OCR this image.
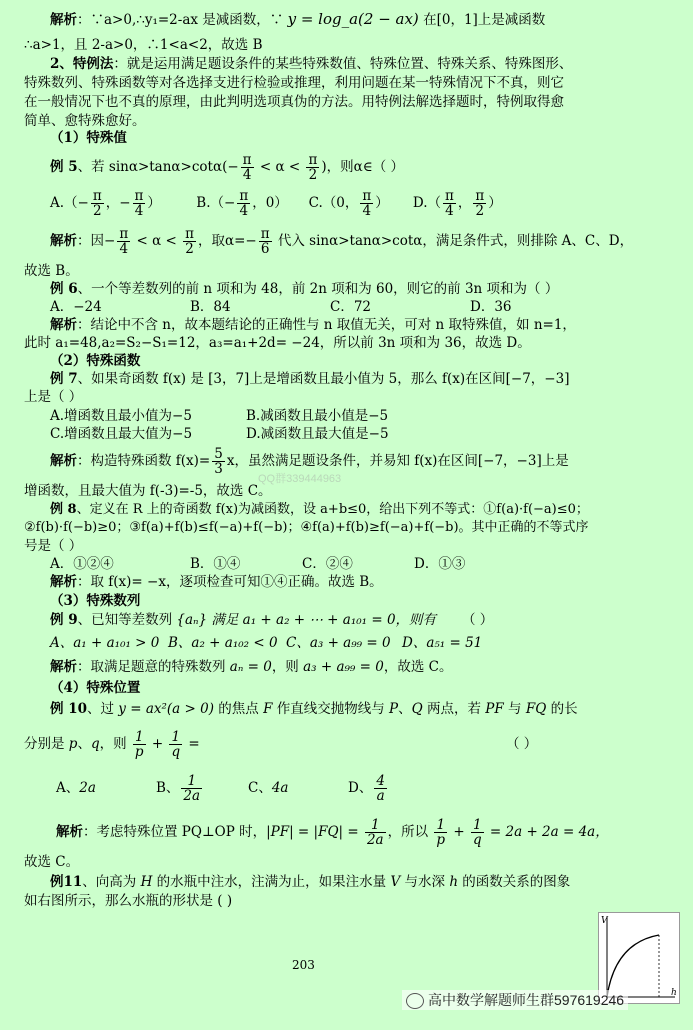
解析：∵a>0,∴y₁=2-ax 是减函数，∵ y = log_a(2 − ax) 在[0，1]上是减函数
∴a>1，且 2-a>0，∴1<a<2，故选 B
2、特例法：就是运用满足题设条件的某些特殊数值、特殊位置、特殊关系、特殊图形、
特殊数列、特殊函数等对各选择支进行检验或推理，利用问题在某一特殊情况下不真，则它
在一般情况下也不真的原理，由此判明选项真伪的方法。用特例法解选择题时，特例取得愈
简单、愈特殊愈好。
（1）特殊值
例 5、若 $\sin\alpha>\tan\alpha>\cot\alpha(- \frac{\pi}{4} < \alpha < \frac{\pi}{2}$ )，则α∈（ ）
$A.(- \frac{\pi}{2}$ ，− $\frac{\pi}{4}$ ）	$B.(- \frac{\pi}{4}$ ，0） C.（0， $\frac{\pi}{4}$ ） $D.( \frac{\pi}{4}$ ， $\frac{\pi}{2}$ ）
解析：因− $\frac{\pi}{4} < \alpha < \frac{\pi}{2}$ ，取$\alpha=- \frac{\pi}{6}$ 代入 sinα>tanα>cotα，满足条件式，则排除 A、C、D，
故选 B。
例 6、一个等差数列的前 n 项和为 48，前 2n 项和为 60，则它的前 3n 项和为（ ）
A．−24	B．84	C．72	D．36
解析：结论中不含 n，故本题结论的正确性与 n 取值无关，可对 n 取特殊值，如 n=1，
此时 a₁=48,a₂=S₂−S₁=12，a₃=a₁+2d= −24，所以前 3n 项和为 36，故选 D。
（2）特殊函数
例 7、如果奇函数 f(x) 是 [3，7]上是增函数且最小值为 5，那么 f(x)在区间[−7，−3]
上是（ ）
A.增函数且最小值为−5	B.减函数且最小值是−5
C.增函数且最大值为−5	D.减函数且最大值是−5
解析：构造特殊函数 $f(x)= \frac{5}{3}$ x，虽然满足题设条件，并易知 f(x)在区间[−7，−3]上是
增函数，且最大值为 f(-3)=-5，故选 C。
QQ群339444963
例 8、定义在 R 上的奇函数 f(x)为减函数，设 a+b≤0，给出下列不等式：①f(a)·f(−a)≤0；
②f(b)·f(−b)≥0；③f(a)+f(b)≤f(−a)+f(−b)；④f(a)+f(b)≥f(−a)+f(−b)。其中正确的不等式序
号是（ ）
A．①②④	B．①④	C．②④	D．①③
解析：取 f(x)= −x，逐项检查可知①④正确。故选 B。
（3）特殊数列
例 9、已知等差数列 {aₙ} 满足 a₁ + a₂ + ⋯ + a₁₀₁ = 0，则有 （ ）
A、a₁ + a₁₀₁ > 0 B、a₂ + a₁₀₂ < 0 C、a₃ + a₉₉ = 0 D、a₅₁ = 51
解析：取满足题意的特殊数列 aₙ = 0，则 a₃ + a₉₉ = 0，故选 C。
（4）特殊位置
例 10、过 y = ax²(a > 0) 的焦点 F 作直线交抛物线与 P、Q 两点，若 PF 与 FQ 的长
分别是 p、q，则 $\frac{1}{p} + \frac{1}{q}$ =	（ ）
A、2a	B、 $\frac{1}{2a}$	C、4a	D、 $\frac{4}{a}$
解析：考虑特殊位置 PQ⊥OP 时，$|PF| = |FQ| = \frac{1}{2a}$ ，所以 $\frac{1}{p} + \frac{1}{q} = 2a + 2a = 4a$，
故选 C。
例11、向高为 H 的水瓶中注水，注满为止，如果注水量 V 与水深 h 的函数关系的图象
如右图所示，那么水瓶的形状是 ( )
V
h
203
高中数学解题师生群597619246
